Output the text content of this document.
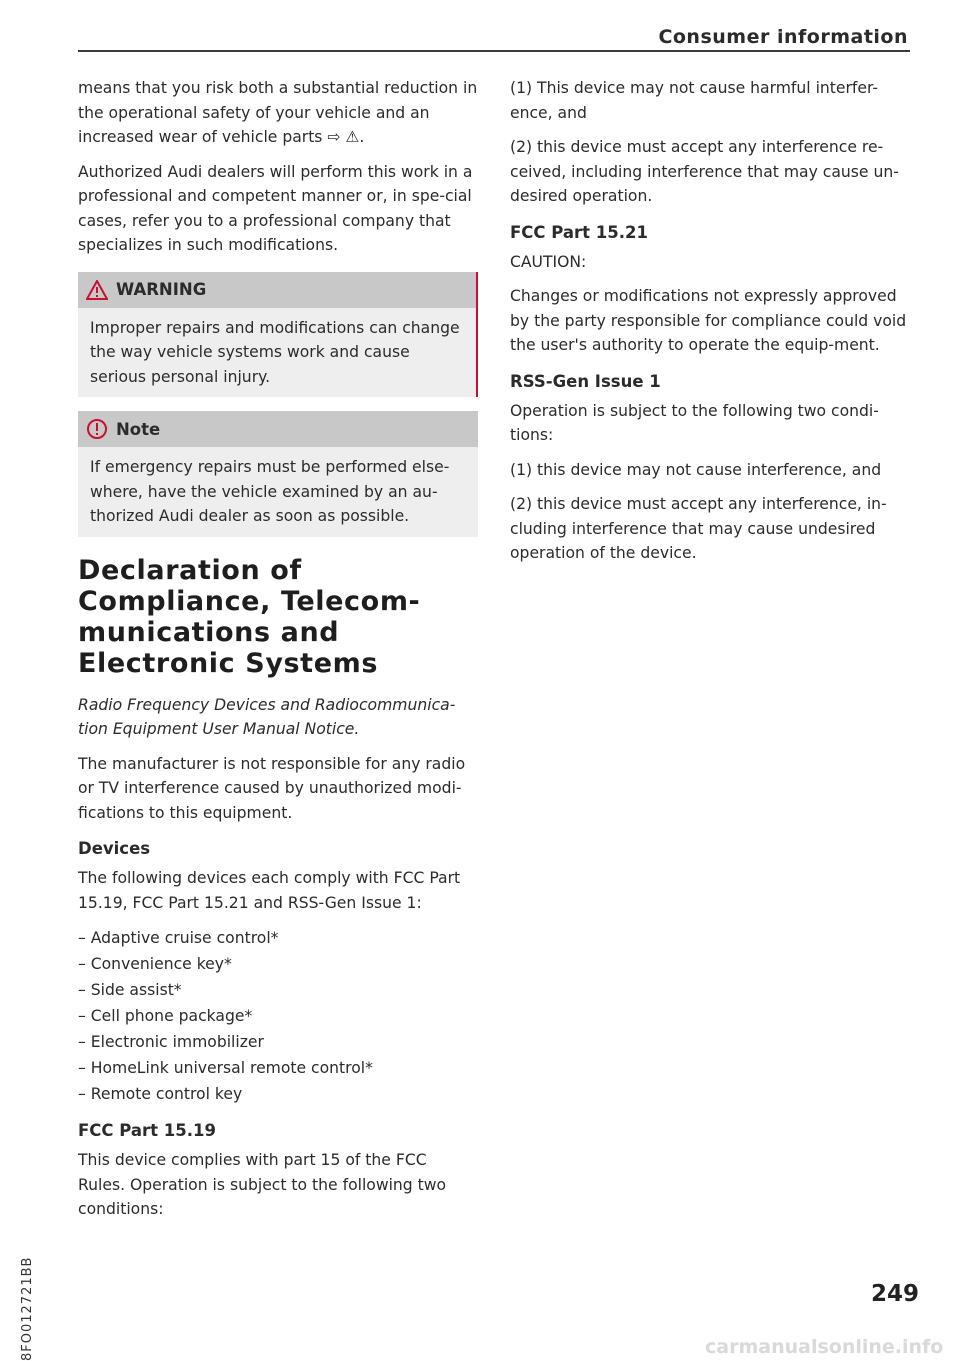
Consumer information

means that you risk both a substantial reduction in the operational safety of your vehicle and an increased wear of vehicle parts ⇨ ⚠.

Authorized Audi dealers will perform this work in a professional and competent manner or, in spe-cial cases, refer you to a professional company that specializes in such modifications.

WARNING
Improper repairs and modifications can change the way vehicle systems work and cause serious personal injury.
Note
If emergency repairs must be performed else-where, have the vehicle examined by an au-thorized Audi dealer as soon as possible.
Declaration of Compliance, Telecom-munications and Electronic Systems

Radio Frequency Devices and Radiocommunica-tion Equipment User Manual Notice.

The manufacturer is not responsible for any radio or TV interference caused by unauthorized modi-fications to this equipment.

Devices

The following devices each comply with FCC Part 15.19, FCC Part 15.21 and RSS-Gen Issue 1:

– Adaptive cruise control*
– Convenience key*
– Side assist*
– Cell phone package*
– Electronic immobilizer
– HomeLink universal remote control*
– Remote control key
FCC Part 15.19

This device complies with part 15 of the FCC Rules. Operation is subject to the following two conditions:

(1) This device may not cause harmful interfer-ence, and

(2) this device must accept any interference re-ceived, including interference that may cause un-desired operation.

FCC Part 15.21

CAUTION:

Changes or modifications not expressly approved by the party responsible for compliance could void the user's authority to operate the equip-ment.

RSS-Gen Issue 1

Operation is subject to the following two condi-tions:

(1) this device may not cause interference, and

(2) this device must accept any interference, in-cluding interference that may cause undesired operation of the device.

8FO012721BB	249
carmanualsonline.info
